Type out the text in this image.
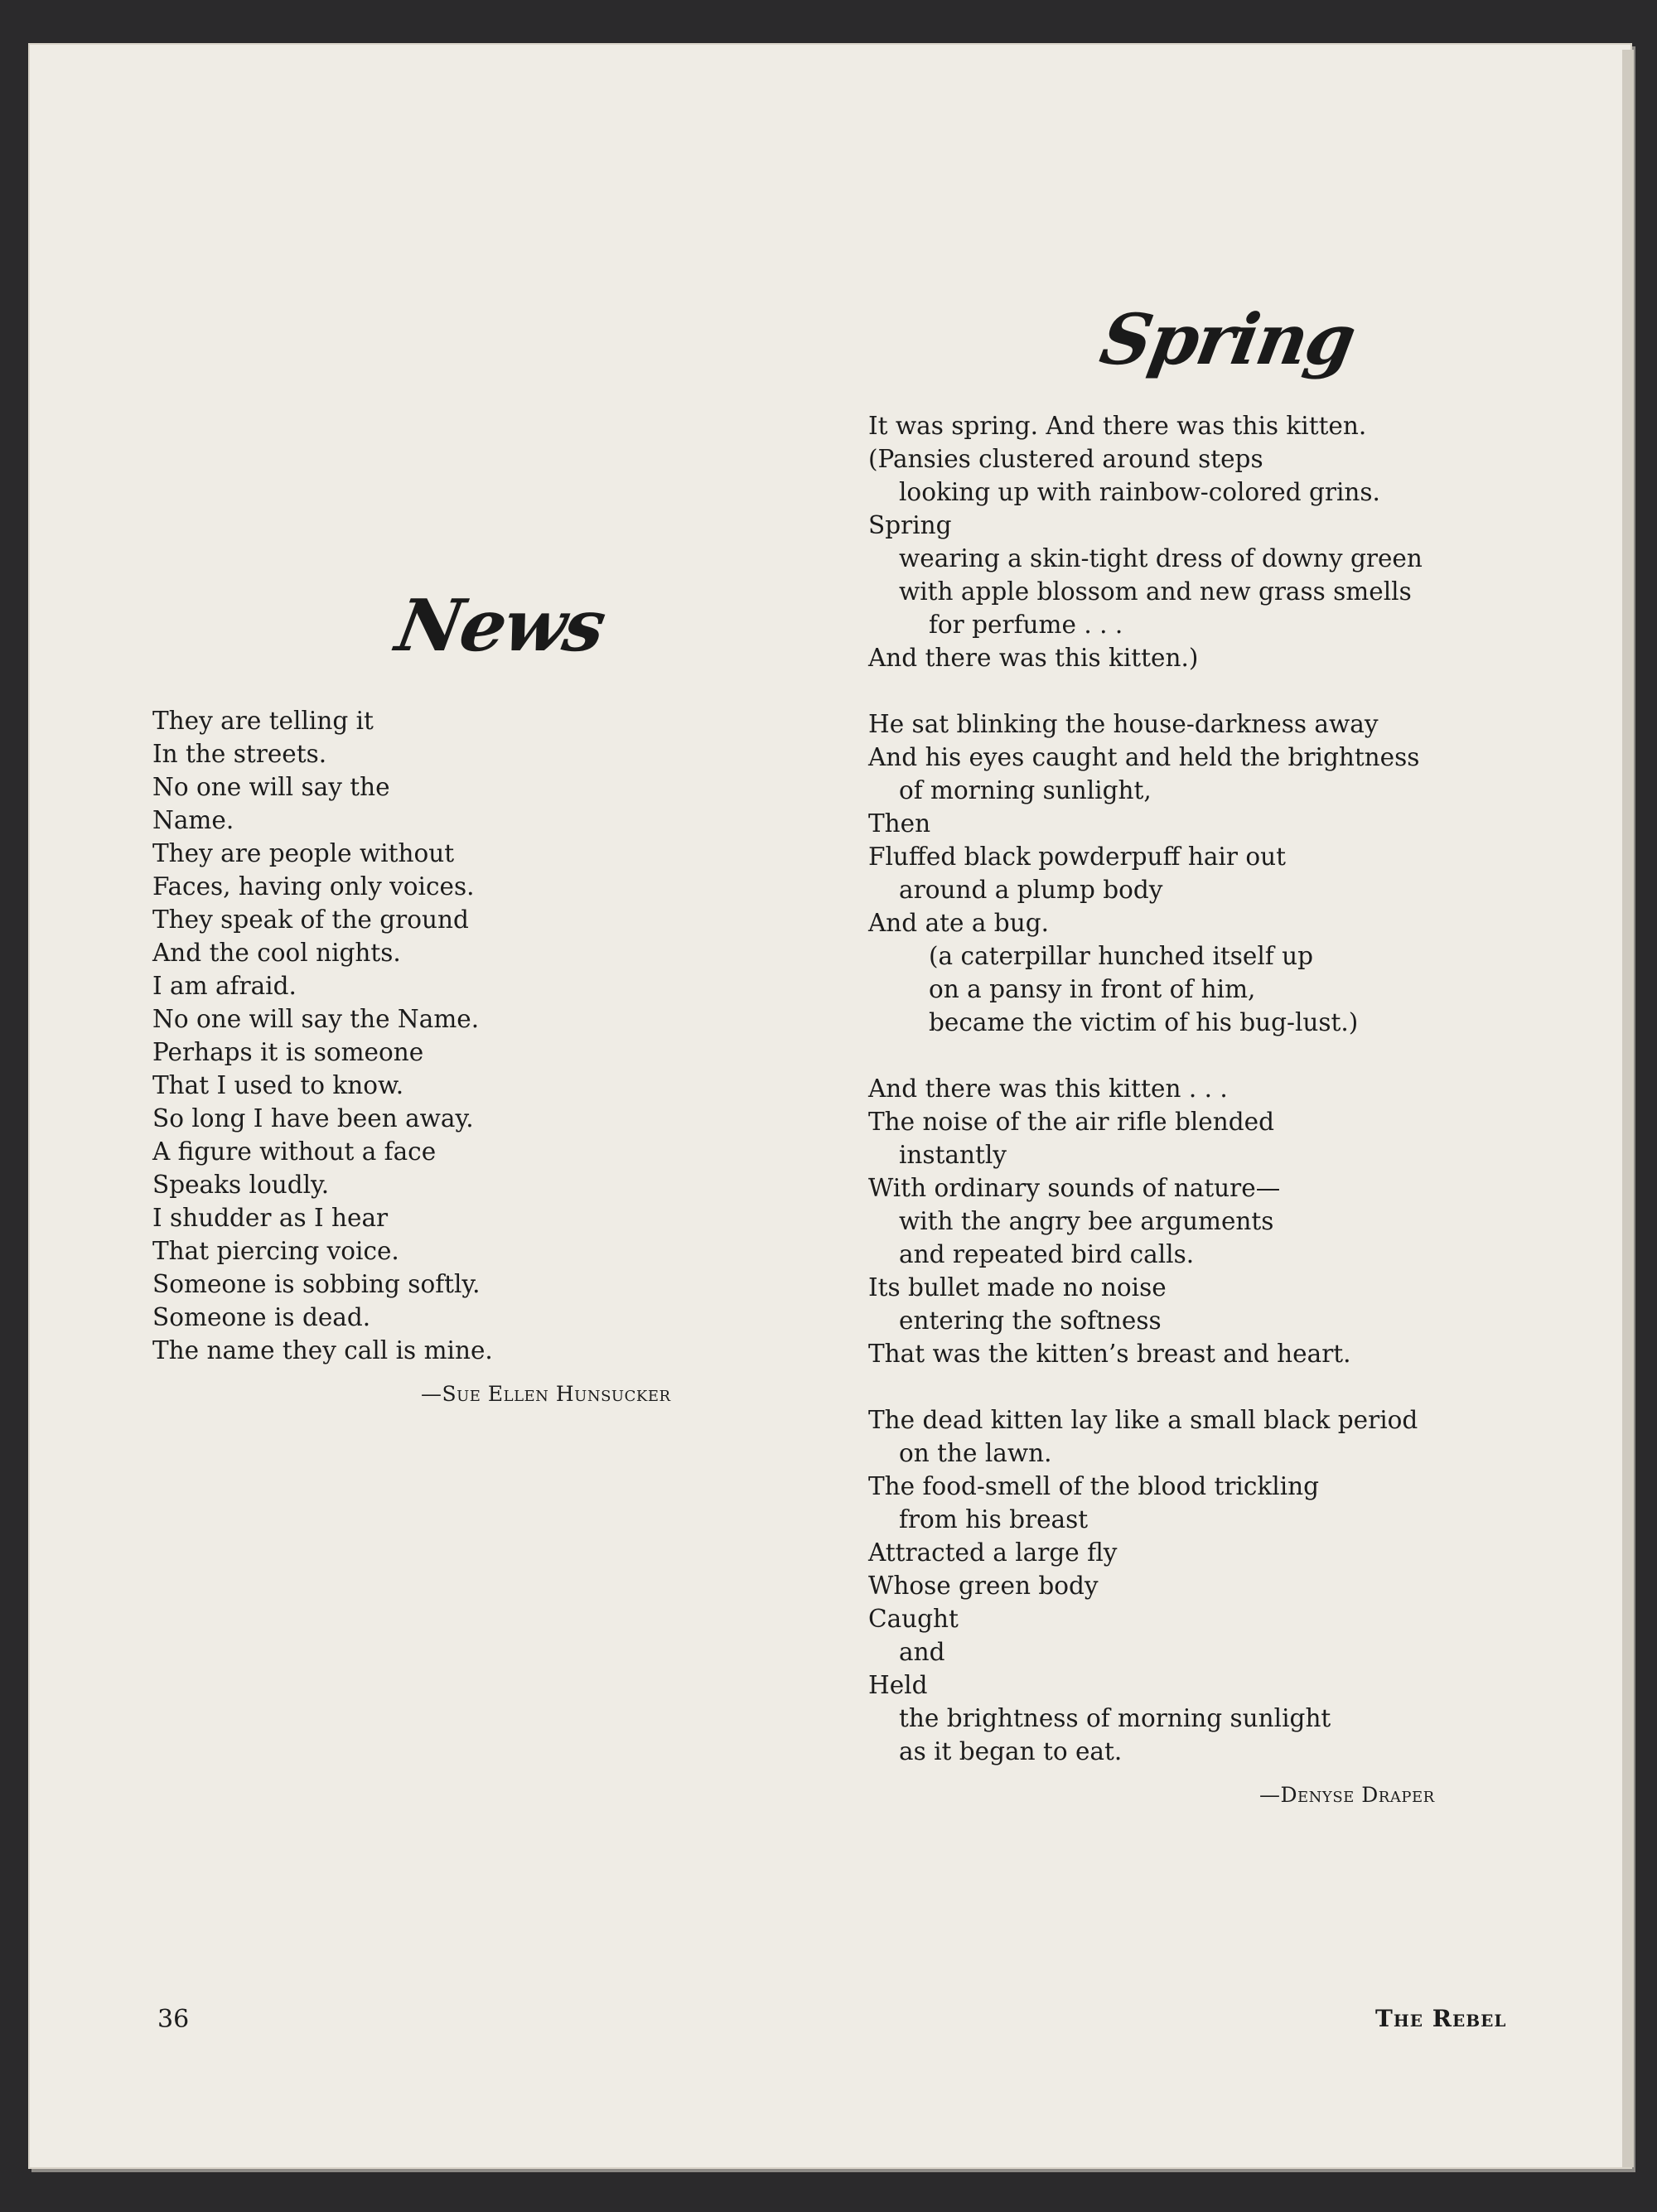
News
They are telling it
In the streets.
No one will say the
Name.
They are people without
Faces, having only voices.
They speak of the ground
And the cool nights.
I am afraid.
No one will say the Name.
Perhaps it is someone
That I used to know.
So long I have been away.
A figure without a face
Speaks loudly.
I shudder as I hear
That piercing voice.
Someone is sobbing softly.
Someone is dead.
The name they call is mine.
—Sue Ellen Hunsucker
Spring
It was spring. And there was this kitten.
(Pansies clustered around steps
looking up with rainbow-colored grins.
Spring
wearing a skin-tight dress of downy green
with apple blossom and new grass smells
for perfume . . .
And there was this kitten.)
He sat blinking the house-darkness away
And his eyes caught and held the brightness
of morning sunlight,
Then
Fluffed black powderpuff hair out
around a plump body
And ate a bug.
(a caterpillar hunched itself up
on a pansy in front of him,
became the victim of his bug-lust.)
And there was this kitten . . .
The noise of the air rifle blended
instantly
With ordinary sounds of nature—
with the angry bee arguments
and repeated bird calls.
Its bullet made no noise
entering the softness
That was the kitten’s breast and heart.
The dead kitten lay like a small black period
on the lawn.
The food-smell of the blood trickling
from his breast
Attracted a large fly
Whose green body
Caught
and
Held
the brightness of morning sunlight
as it began to eat.
—Denyse Draper
36	The Rebel
